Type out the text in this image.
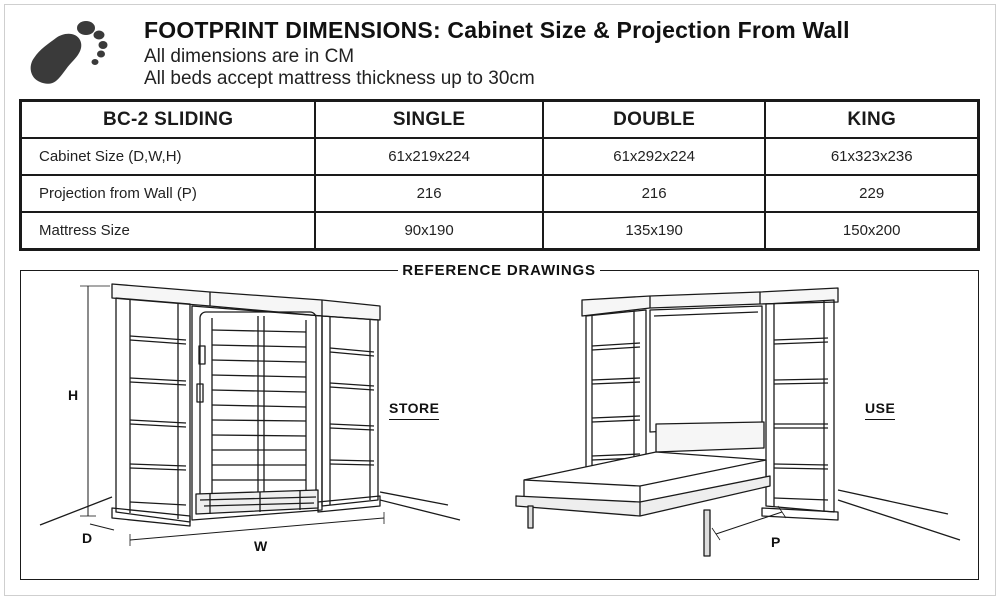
FOOTPRINT DIMENSIONS: Cabinet Size & Projection From Wall
All dimensions are in CM
All beds accept mattress thickness up to 30cm
BC-2 SLIDING	SINGLE	DOUBLE	KING
Cabinet Size (D,W,H)	61x219x224	61x292x224	61x323x236
Projection from Wall (P)	216	216	229
Mattress Size	90x190	135x190	150x200
REFERENCE DRAWINGS
H
D	W	P
STORE	USE
